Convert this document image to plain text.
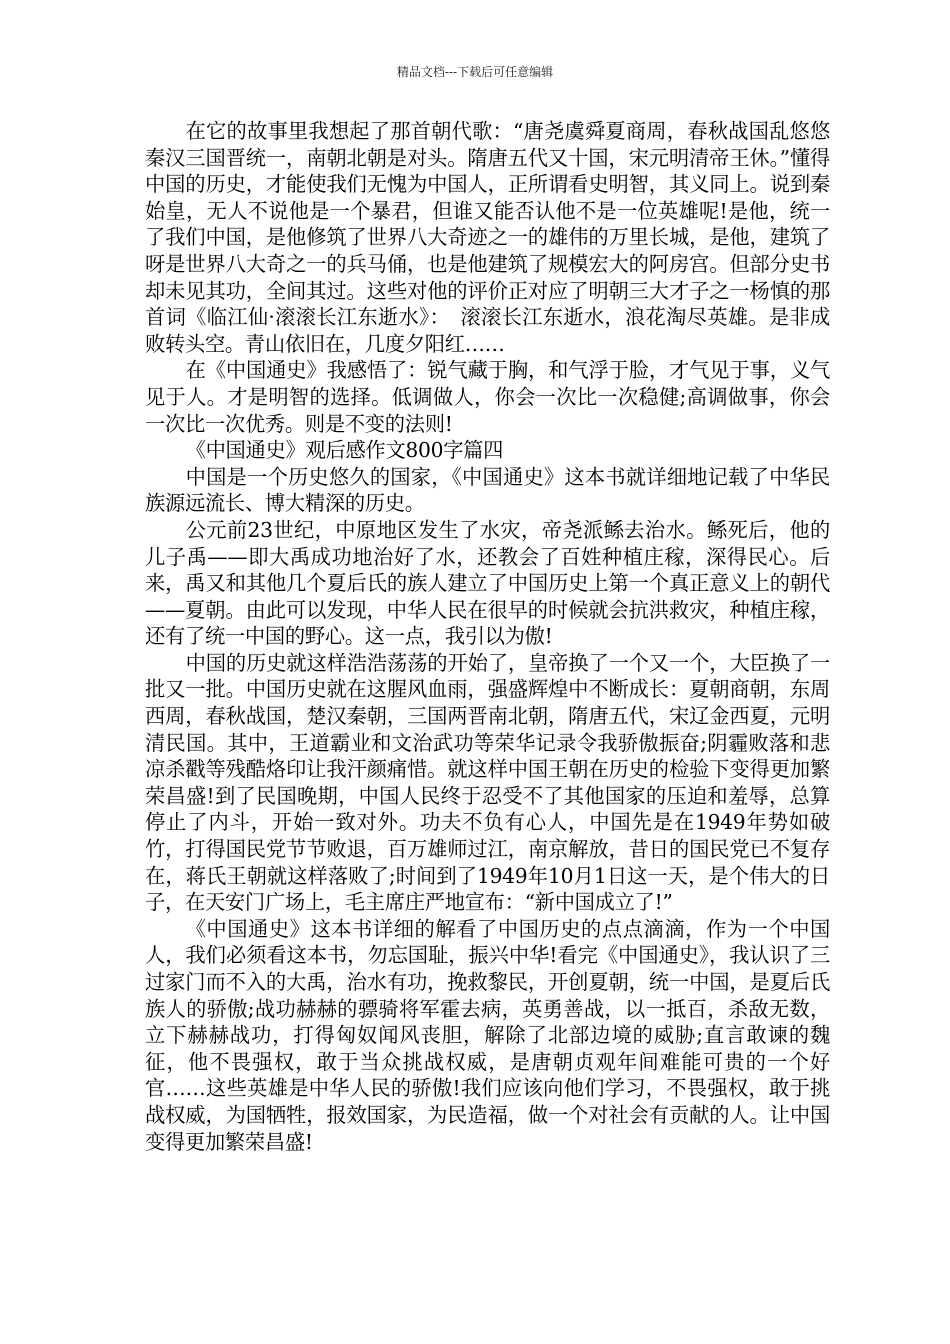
精品文档---下载后可任意编辑

在它的故事里我想起了那首朝代歌：“唐尧虞舜夏商周，春秋战国乱悠悠秦汉三国晋统一，南朝北朝是对头。隋唐五代又十国，宋元明清帝王休。”懂得中国的历史，才能使我们无愧为中国人，正所谓看史明智，其义同上。说到秦始皇，无人不说他是一个暴君，但谁又能否认他不是一位英雄呢!是他，统一了我们中国，是他修筑了世界八大奇迹之一的雄伟的万里长城，是他，建筑了呀是世界八大奇之一的兵马俑，也是他建筑了规模宏大的阿房宫。但部分史书却未见其功，全间其过。这些对他的评价正对应了明朝三大才子之一杨慎的那首词《临江仙·滚滚长江东逝水》：　滚滚长江东逝水，浪花淘尽英雄。是非成败转头空。青山依旧在，几度夕阳红……

在《中国通史》我感悟了：锐气藏于胸，和气浮于脸，才气见于事，义气见于人。才是明智的选择。低调做人，你会一次比一次稳健;高调做事，你会一次比一次优秀。则是不变的法则!

《中国通史》观后感作文800字篇四

中国是一个历史悠久的国家，《中国通史》这本书就详细地记载了中华民族源远流长、博大精深的历史。

公元前23世纪，中原地区发生了水灾，帝尧派鲧去治水。鲧死后，他的儿子禹——即大禹成功地治好了水，还教会了百姓种植庄稼，深得民心。后来，禹又和其他几个夏后氏的族人建立了中国历史上第一个真正意义上的朝代——夏朝。由此可以发现，中华人民在很早的时候就会抗洪救灾，种植庄稼，还有了统一中国的野心。这一点，我引以为傲!

中国的历史就这样浩浩荡荡的开始了，皇帝换了一个又一个，大臣换了一批又一批。中国历史就在这腥风血雨，强盛辉煌中不断成长：夏朝商朝，东周西周，春秋战国，楚汉秦朝，三国两晋南北朝，隋唐五代，宋辽金西夏，元明清民国。其中，王道霸业和文治武功等荣华记录令我骄傲振奋;阴霾败落和悲凉杀戳等残酷烙印让我汗颜痛惜。就这样中国王朝在历史的检验下变得更加繁荣昌盛!到了民国晚期，中国人民终于忍受不了其他国家的压迫和羞辱，总算停止了内斗，开始一致对外。功夫不负有心人，中国先是在1949年势如破竹，打得国民党节节败退，百万雄师过江，南京解放，昔日的国民党已不复存在，蒋氏王朝就这样落败了;时间到了1949年10月1日这一天，是个伟大的日子，在天安门广场上，毛主席庄严地宣布：“新中国成立了!”

《中国通史》这本书详细的解看了中国历史的点点滴滴，作为一个中国人，我们必须看这本书，勿忘国耻，振兴中华!看完《中国通史》，我认识了三过家门而不入的大禹，治水有功，挽救黎民，开创夏朝，统一中国，是夏后氏族人的骄傲;战功赫赫的骠骑将军霍去病，英勇善战，以一抵百，杀敌无数，立下赫赫战功，打得匈奴闻风丧胆，解除了北部边境的威胁;直言敢谏的魏征，他不畏强权，敢于当众挑战权威，是唐朝贞观年间难能可贵的一个好官……这些英雄是中华人民的骄傲!我们应该向他们学习，不畏强权，敢于挑战权威，为国牺牲，报效国家，为民造福，做一个对社会有贡献的人。让中国变得更加繁荣昌盛!
